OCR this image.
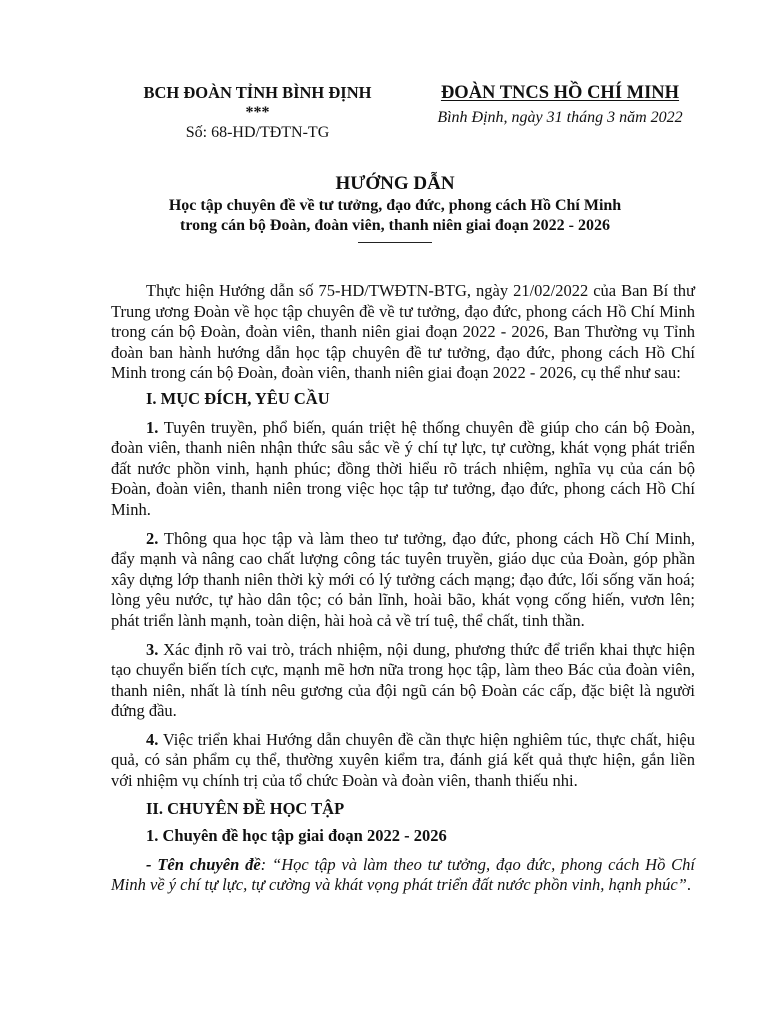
BCH ĐOÀN TỈNH BÌNH ĐỊNH
***
Số: 68-HD/TĐTN-TG
ĐOÀN TNCS HỒ CHÍ MINH
Bình Định, ngày 31 tháng 3 năm 2022
HƯỚNG DẪN
Học tập chuyên đề về tư tưởng, đạo đức, phong cách Hồ Chí Minh
trong cán bộ Đoàn, đoàn viên, thanh niên giai đoạn 2022 - 2026

Thực hiện Hướng dẫn số 75-HD/TWĐTN-BTG, ngày 21/02/2022 của Ban Bí thư Trung ương Đoàn về học tập chuyên đề về tư tưởng, đạo đức, phong cách Hồ Chí Minh trong cán bộ Đoàn, đoàn viên, thanh niên giai đoạn 2022 - 2026, Ban Thường vụ Tỉnh đoàn ban hành hướng dẫn học tập chuyên đề tư tưởng, đạo đức, phong cách Hồ Chí Minh trong cán bộ Đoàn, đoàn viên, thanh niên giai đoạn 2022 - 2026, cụ thể như sau:

I. MỤC ĐÍCH, YÊU CẦU

1. Tuyên truyền, phổ biến, quán triệt hệ thống chuyên đề giúp cho cán bộ Đoàn, đoàn viên, thanh niên nhận thức sâu sắc về ý chí tự lực, tự cường, khát vọng phát triển đất nước phồn vinh, hạnh phúc; đồng thời hiểu rõ trách nhiệm, nghĩa vụ của cán bộ Đoàn, đoàn viên, thanh niên trong việc học tập tư tưởng, đạo đức, phong cách Hồ Chí Minh.

2. Thông qua học tập và làm theo tư tưởng, đạo đức, phong cách Hồ Chí Minh, đẩy mạnh và nâng cao chất lượng công tác tuyên truyền, giáo dục của Đoàn, góp phần xây dựng lớp thanh niên thời kỳ mới có lý tưởng cách mạng; đạo đức, lối sống văn hoá; lòng yêu nước, tự hào dân tộc; có bản lĩnh, hoài bão, khát vọng cống hiến, vươn lên; phát triển lành mạnh, toàn diện, hài hoà cả về trí tuệ, thể chất, tinh thần.

3. Xác định rõ vai trò, trách nhiệm, nội dung, phương thức để triển khai thực hiện tạo chuyển biến tích cực, mạnh mẽ hơn nữa trong học tập, làm theo Bác của đoàn viên, thanh niên, nhất là tính nêu gương của đội ngũ cán bộ Đoàn các cấp, đặc biệt là người đứng đầu.

4. Việc triển khai Hướng dẫn chuyên đề cần thực hiện nghiêm túc, thực chất, hiệu quả, có sản phẩm cụ thể, thường xuyên kiểm tra, đánh giá kết quả thực hiện, gắn liền với nhiệm vụ chính trị của tổ chức Đoàn và đoàn viên, thanh thiếu nhi.

II. CHUYÊN ĐỀ HỌC TẬP
1. Chuyên đề học tập giai đoạn 2022 - 2026

- Tên chuyên đề: “Học tập và làm theo tư tưởng, đạo đức, phong cách Hồ Chí Minh về ý chí tự lực, tự cường và khát vọng phát triển đất nước phồn vinh, hạnh phúc”.
